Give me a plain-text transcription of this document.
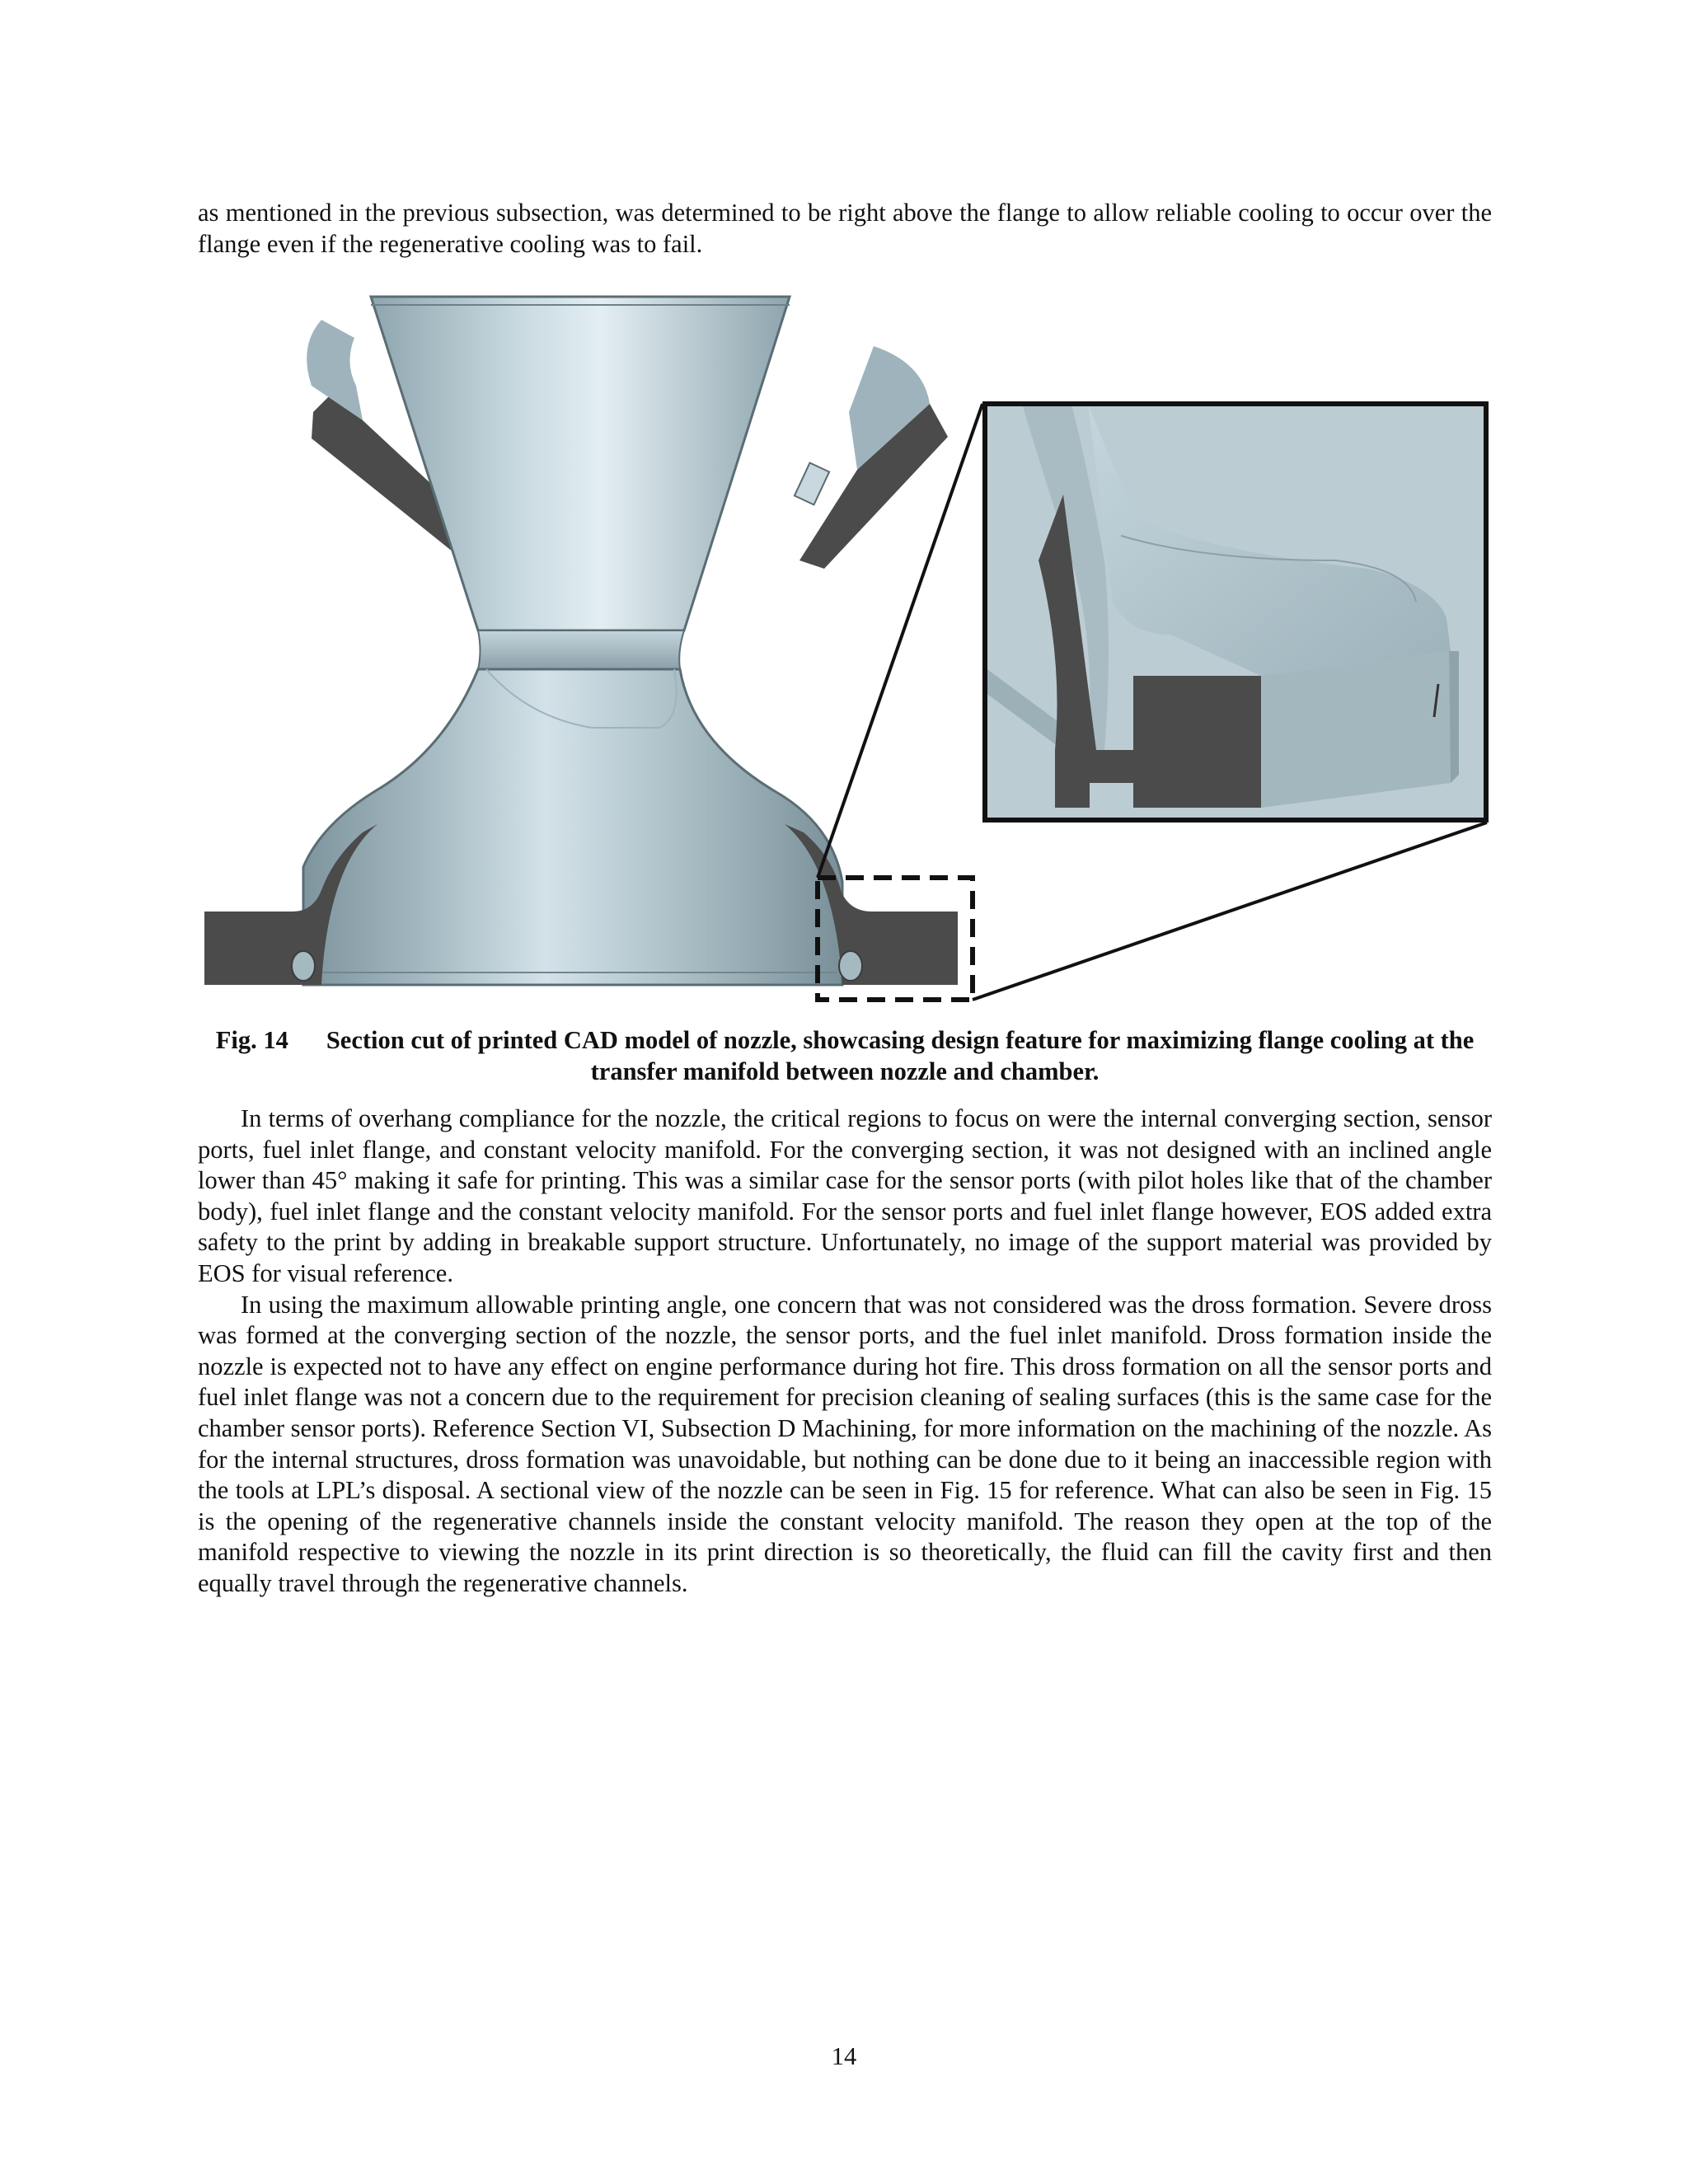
as mentioned in the previous subsection, was determined to be right above the flange to allow reliable cooling to occur over the flange even if the regenerative cooling was to fail.

Fig. 14 Section cut of printed CAD model of nozzle, showcasing design feature for maximizing flange cooling at the transfer manifold between nozzle and chamber.

In terms of overhang compliance for the nozzle, the critical regions to focus on were the internal converging section, sensor ports, fuel inlet flange, and constant velocity manifold. For the converging section, it was not designed with an inclined angle lower than 45° making it safe for printing. This was a similar case for the sensor ports (with pilot holes like that of the chamber body), fuel inlet flange and the constant velocity manifold. For the sensor ports and fuel inlet flange however, EOS added extra safety to the print by adding in breakable support structure. Unfortunately, no image of the support material was provided by EOS for visual reference.

In using the maximum allowable printing angle, one concern that was not considered was the dross formation. Severe dross was formed at the converging section of the nozzle, the sensor ports, and the fuel inlet manifold. Dross formation inside the nozzle is expected not to have any effect on engine performance during hot fire. This dross formation on all the sensor ports and fuel inlet flange was not a concern due to the requirement for precision cleaning of sealing surfaces (this is the same case for the chamber sensor ports). Reference Section VI, Subsection D Machining, for more information on the machining of the nozzle. As for the internal structures, dross formation was unavoidable, but nothing can be done due to it being an inaccessible region with the tools at LPL’s disposal. A sectional view of the nozzle can be seen in Fig. 15 for reference. What can also be seen in Fig. 15 is the opening of the regenerative channels inside the constant velocity manifold. The reason they open at the top of the manifold respective to viewing the nozzle in its print direction is so theoretically, the fluid can fill the cavity first and then equally travel through the regenerative channels.

14
